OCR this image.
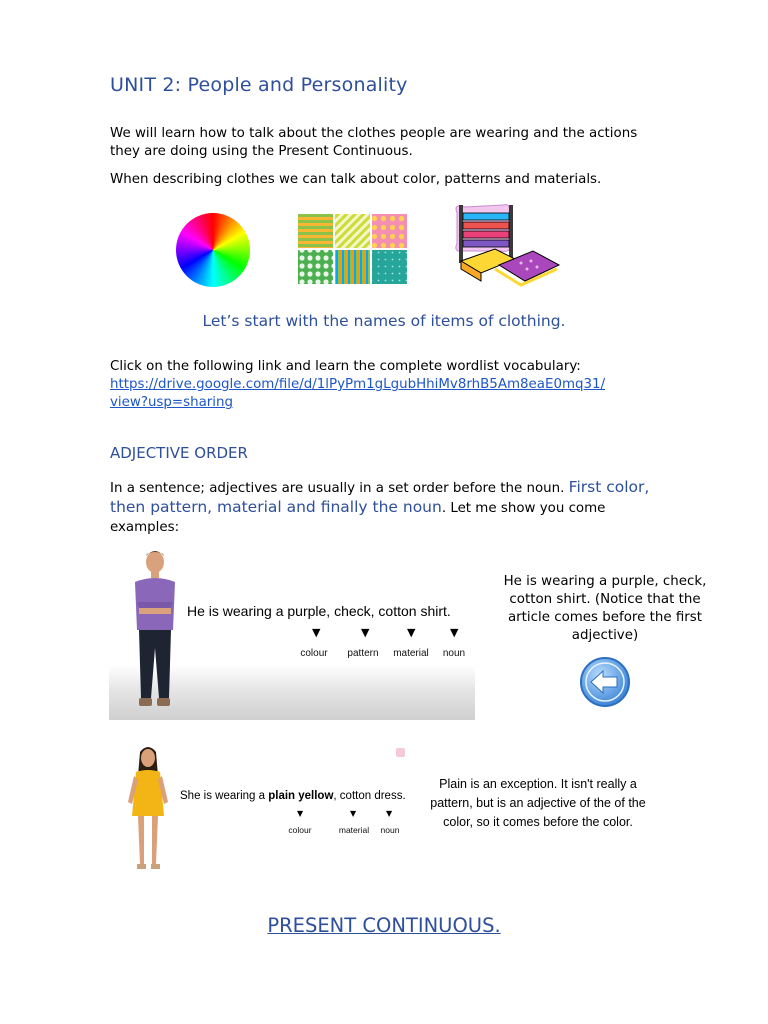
UNIT 2: People and Personality
We will learn how to talk about the clothes people are wearing and the actions they are doing using the Present Continuous.
When describing clothes we can talk about color, patterns and materials.
Let’s start with the names of items of clothing.
Click on the following link and learn the complete wordlist vocabulary:
https://drive.google.com/file/d/1lPyPm1gLgubHhiMv8rhB5Am8eaE0mq31/
view?usp=sharing
ADJECTIVE ORDER
In a sentence; adjectives are usually in a set order before the noun. First color, then pattern, material and finally the noun. Let me show you come examples:
He is wearing a purple, check, cotton shirt.
▼	▼	▼	▼
colour	pattern	material	noun
He is wearing a purple, check, cotton shirt. (Notice that the article comes before the first adjective)
She is wearing a plain yellow, cotton dress.
▼	▼	▼
colour	material	noun
Plain is an exception. It isn't really a pattern, but is an adjective of the of the color, so it comes before the color.
PRESENT CONTINUOUS.
